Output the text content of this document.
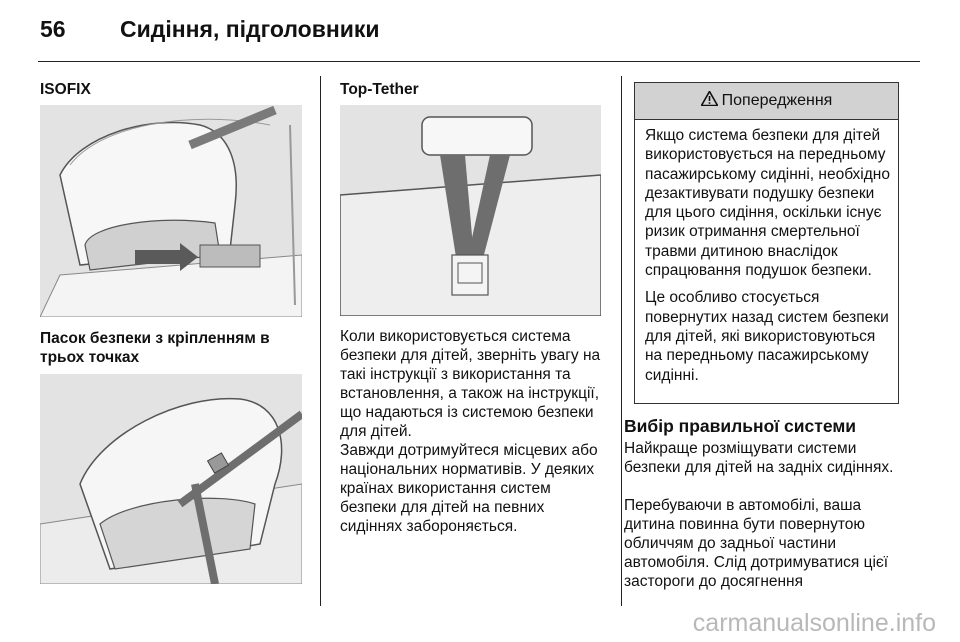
56	Сидіння, підголовники
ISOFIX
Пасок безпеки з кріпленням в трьох точках
Top-Tether

Коли використовується система безпеки для дітей, зверніть увагу на такі інструкції з використання та встановлення, а також на інструкції, що надаються із системою безпеки для дітей.

Завжди дотримуйтеся місцевих або національних нормативів. У деяких країнах використання систем безпеки для дітей на певних сидіннях забороняється.

Попередження

Якщо система безпеки для дітей використовується на передньому пасажирському сидінні, необхідно дезактивувати подушку безпеки для цього сидіння, оскільки існує ризик отримання смертельної травми дитиною внаслідок спрацювання подушок безпеки.

Це особливо стосується повернутих назад систем безпеки для дітей, які використовуються на передньому пасажирському сидінні.

Вибір правильної системи

Найкраще розміщувати системи безпеки для дітей на задніх сидіннях.

Перебуваючи в автомобілі, ваша дитина повинна бути повернутою обличчям до задньої частини автомобіля. Слід дотримуватися цієї застороги до досягнення

carmanualsonline.info
